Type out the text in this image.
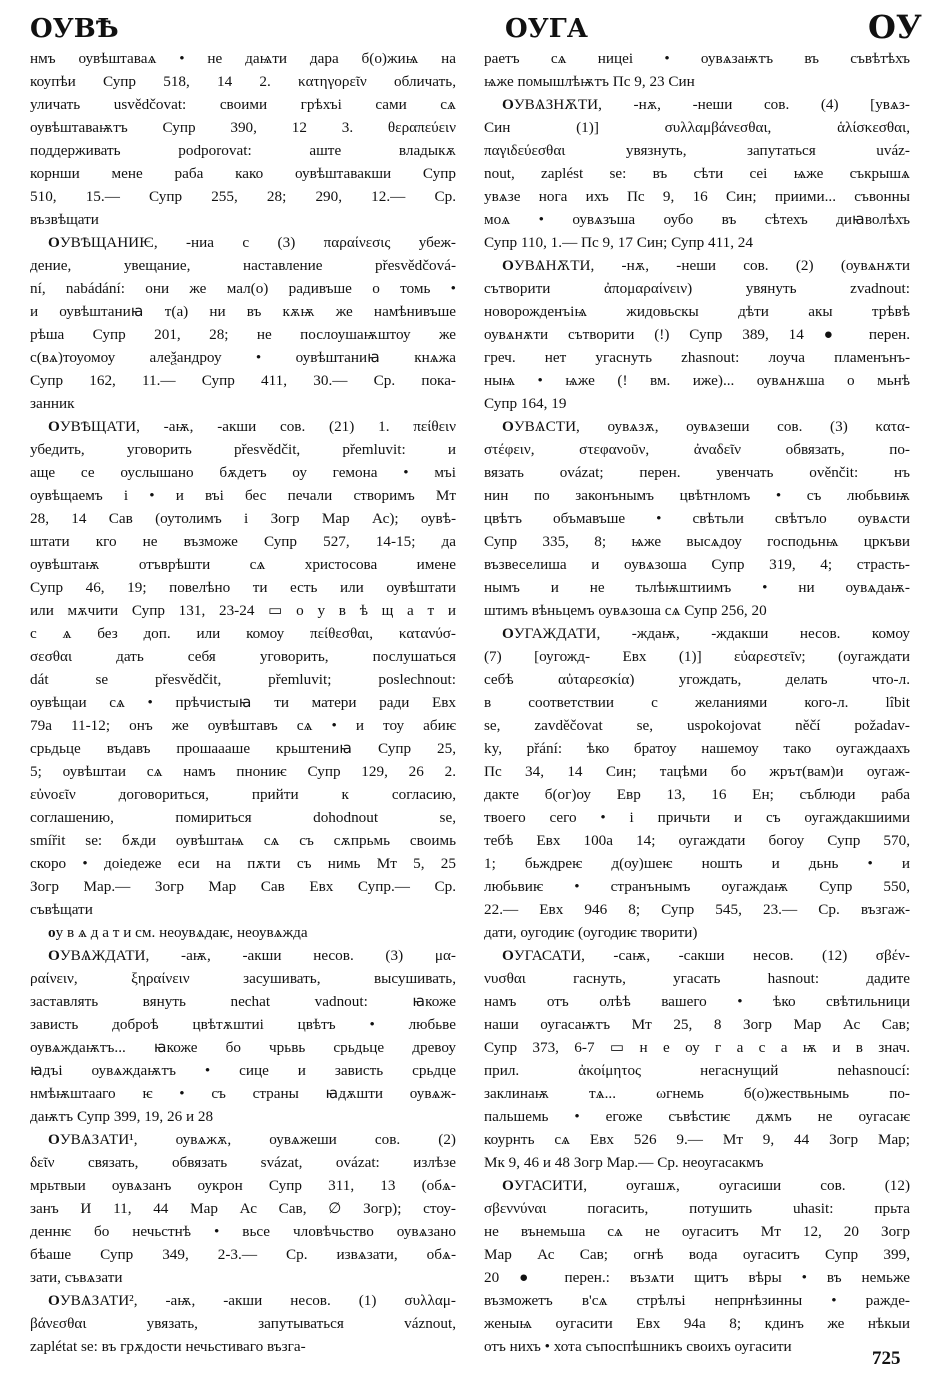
ОУВѢ	ОУГА	ОУ
нмъ оувѣштаваѧ • не даѩти дара б(о)жиѩ на
коупѣи Супр 518, 14 2. κατηγορεῖν обличать,
уличать usvědčovat: своими грѣхъі сами сѧ
оувѣштаваѭтъ Супр 390, 12 3. θεραπεύειν
поддерживать podporovat: аште владыкѫ
корнши мене раба како оувѣштавакши Супр
510, 15.— Супр 255, 28; 290, 12.— Ср.
възвѣщати
ОУВѢЩАНИѤ, -ниа с (3) παραίνεσις убеж-
дение, увещание, наставление přesvědčová-
ní, nabádání: они же мал(о) радивъше о томь •
и оувѣштаниꙗ т(а) ни въ кѫѭ же намѣнивъше
рѣша Супр 201, 28; не послоушаѭштоу же
с(вѧ)тоуомоу алеѯандроу • оувѣштаниꙗ кнѧжа
Супр 162, 11.— Супр 411, 30.— Ср. пока-
занник
ОУВѢЩАТИ, -аѭ, -акши сов. (21) 1. πείθειν
убедить, уговорить přesvědčit, přemluvit: и
аще се оуслышано бѫдетъ оу гемона • мъі
оувѣщаемъ і • и въі бес печали створимъ Мт
28, 14 Сав (оутолимъ і Зогр Мар Ас); оувѣ-
штати кго не възможе Супр 527, 14-15; да
оувѣштаѭ отъврѣшти сѧ христосова имене
Супр 46, 19; повелѣно ти есть или оувѣштати
или мѫчити Супр 131, 23-24 ▭ о у в ѣ щ а т и
с ѧ без доп. или комоу πείθεσθαι, κατανύσ-
σεσθαι дать себя уговорить, послушаться
dát se přesvědčit, přemluvit; poslechnout:
оувѣщаи сѧ • прѣчистыꙗ ти матери ради Евх
79а 11-12; онъ же оувѣштавъ сѧ • и тоу абиѥ
срьдьце въдавъ прошаааше крьштениꙗ Супр 25,
5; оувѣштаи сѧ намъ пнониѥ Супр 129, 26 2.
εὐνοεῖν договориться, прийти к согласию,
соглашению, помириться dohodnout se,
smířit se: бѫди оувѣштаѩ сѧ съ сѫпрьмь своимь
скоро • доіедеже еси на пѫти съ нимь Мт 5, 25
Зогр Мар.— Зогр Мар Сав Евх Супр.— Ср.
съвѣщати
оу в ѧ д а т и см. неоувѧдаѥ, неоувѧжда
ОУВѦЖДАТИ, -аѭ, -акши несов. (3) μα-
ραίνειν, ξηραίνειν засушивать, высушивать,
заставлять вянуть nechat vadnout: ꙗкоже
зависть доброѣ цвѣтѫштиі цвѣтъ • любьве
оувѧждаѭтъ... ꙗкоже бо чрьвь срьдьце древоу
ꙗдъі оувѧждаѭтъ • сице и зависть срьдце
нмѣѭштааго ѥ • съ страны ꙗдѫшти оувѧж-
даѭтъ Супр 399, 19, 26 и 28
ОУВѦЗАТИ¹, оувѧжѫ, оувѧжеши сов. (2)
δεῖν связать, обвязать svázat, ovázat: излѣзе
мрьтвыи оувѧзанъ оукрон Супр 311, 13 (обѧ-
занъ И 11, 44 Мар Ас Сав, ∅ Зогр); стоу-
деннѥ бо нечьстнѣ • вьсе чловѣчьство оувѧзано
бѣаше Супр 349, 2-3.— Ср. извѧзати, обѧ-
зати, съвѧзати
ОУВѦЗАТИ², -аѭ, -акши несов. (1) συλλαμ-
βάνεσθαι увязать, запутываться váznout,
zaplétat se: въ грѫдости нечьстиваго възга-
раетъ сѧ ницеі • оувѧзаѭтъ въ съвѣтѣхъ
ѩже помышлѣѭтъ Пс 9, 23 Син
ОУВѦЗНѪТИ, -нѫ, -неши сов. (4) [увѧз-
Син (1)] συλλαμβάνεσθαι, ἁλίσκεσθαι,
παγιδεύεσθαι увязнуть, запутаться uváz-
nout, zaplést se: въ сѣти сеі ѩже съкрышѧ
увѧзе нога ихъ Пс 9, 16 Син; приими... съвонны
моѧ • оувѧзъша оубо въ сѣтехъ диꙗволѣхъ
Супр 110, 1.— Пс 9, 17 Син; Супр 411, 24
ОУВѦНѪТИ, -нѫ, -неши сов. (2) (оувѧнѫти
сътворити ἀπομαραίνειν) увянуть zvadnout:
новорожденъіѩ жидовьскы дѣти акы трѣвѣ
оувѧнѫти сътворити (!) Супр 389, 14 ● перен.
греч. нет угаснуть zhasnout: лоуча пламенънъ-
ныѩ • ѩже (! вм. иже)... оувѧнѫша о мьнѣ
Супр 164, 19
ОУВѦСТИ, оувѧзѫ, оувѧзеши сов. (3) κατα-
στέφειν, στεφανοῦν, ἀναδεῖν обвязать, по-
вязать ovázat; перен. увенчать ověnčit: нъ
нин по законънымъ цвѣтнломъ • съ любьвиѭ
цвѣтъ объмавъше • свѣтьли свѣтъло оувѧсти
Супр 335, 8; ѩже высѧдоу господьнѩ цркъви
възвеселиша и оувѧзоша Супр 319, 4; страсть-
нымъ и не тьлѣѭштиимъ • ни оувѧдаѭ-
штимъ вѣньцемъ оувѧзоша сѧ Супр 256, 20
ОУГАЖДАТИ, -ждаѭ, -ждакши несов. комоу
(7) [оугожд- Евх (1)] εὐαρεστεῖν; (оугаждати
себѣ αὐταρεσκία) угождать, делать что-л.
в соответствии с желаниями кого-л. lîbit
se, zavděčovat se, uspokojovat něčí požadav-
ky, přání: ѣко братоу нашемоу тако оугаждаахъ
Пс 34, 14 Син; тацѣми бо жрът(вам)и оугаж-
дакте б(ог)оу Евр 13, 16 Ен; съблюди раба
твоего сего • і причьти и съ оугаждакшиими
тебѣ Евх 100а 14; оугаждати богоу Супр 570,
1; бьждреѥ д(оу)шеѥ ношть и дьнь • и
любьвиѥ • странънымъ оугаждаѭ Супр 550,
22.— Евх 946 8; Супр 545, 23.— Ср. възгаж-
дати, оугодиѥ (оугодиѥ творити)
ОУГАСАТИ, -саѭ, -сакши несов. (12) σβέν-
νυσθαι гаснуть, угасать hasnout: дадите
намъ отъ олѣѣ вашего • ѣко свѣтильници
наши оугасаѭтъ Мт 25, 8 Зогр Мар Ас Сав;
Супр 373, 6-7 ▭ н е оу г а с а ѭ и в знач.
прил. ἀκοίμητος негаснущий nehasnoucí:
заклинаѭ тѧ... ωгнемь б(о)жествьнымь по-
пальшемь • егоже съвѣстиѥ дѫмъ не оугасаѥ
коурнть сѧ Евх 526 9.— Мт 9, 44 Зогр Мар;
Мк 9, 46 и 48 Зогр Мар.— Ср. неоугасакмъ
ОУГАСИТИ, оугашѫ, оугасиши сов. (12)
σβεννύναι погасить, потушить uhasit: прьта
не вънемьша сѧ не оугаситъ Мт 12, 20 Зогр
Мар Ас Сав; огнѣ вода оугаситъ Супр 399,
20 ● перен.: възѧти щитъ вѣры • въ немьже
възможетъ в'сѧ стрѣлъі непрнѣзинны • ражде-
женыѩ оугасити Евх 94а 8; кдинъ же нѣкыи
отъ нихъ • хота съпоспѣшникъ своихъ оугасити
725
